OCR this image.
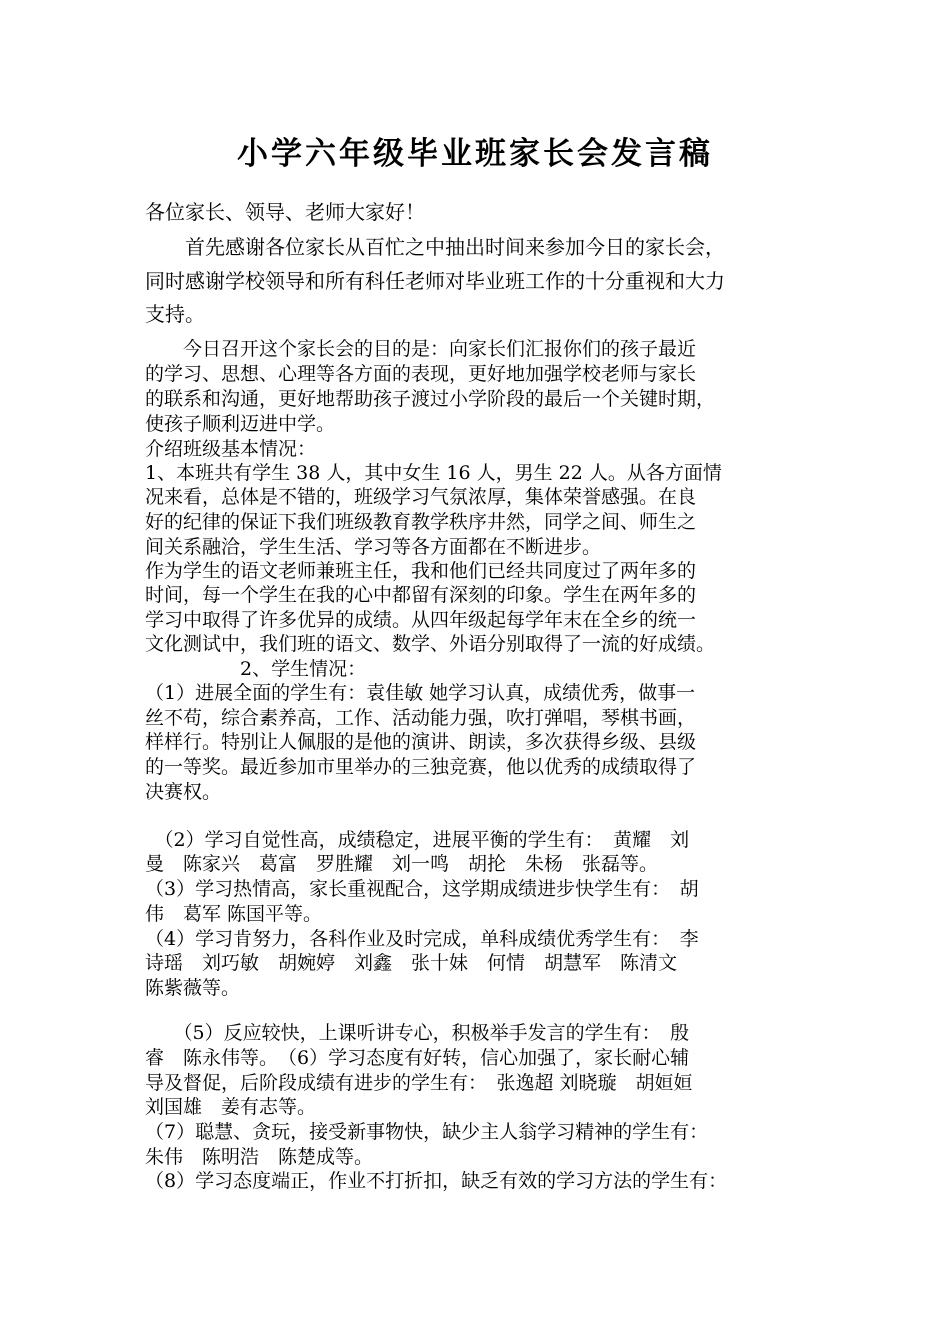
小学六年级毕业班家长会发言稿

各位家长、领导、老师大家好！

　　首先感谢各位家长从百忙之中抽出时间来参加今日的家长会，

同时感谢学校领导和所有科任老师对毕业班工作的十分重视和大力

支持。

　　今日召开这个家长会的目的是：向家长们汇报你们的孩子最近

的学习、思想、心理等各方面的表现，更好地加强学校老师与家长

的联系和沟通，更好地帮助孩子渡过小学阶段的最后一个关键时期，

使孩子顺利迈进中学。

介绍班级基本情况：

1、本班共有学生 38 人，其中女生 16 人，男生 22 人。从各方面情

况来看，总体是不错的，班级学习气氛浓厚，集体荣誉感强。在良

好的纪律的保证下我们班级教育教学秩序井然，同学之间、师生之

间关系融洽，学生生活、学习等各方面都在不断进步。

作为学生的语文老师兼班主任，我和他们已经共同度过了两年多的

时间，每一个学生在我的心中都留有深刻的印象。学生在两年多的

学习中取得了许多优异的成绩。从四年级起每学年末在全乡的统一

文化测试中，我们班的语文、数学、外语分别取得了一流的好成绩。

　　　　　2、学生情况：

（1）进展全面的学生有：袁佳敏 她学习认真，成绩优秀，做事一

丝不苟，综合素养高，工作、活动能力强，吹打弹唱，琴棋书画，

样样行。特别让人佩服的是他的演讲、朗读，多次获得乡级、县级

的一等奖。最近参加市里举办的三独竞赛，他以优秀的成绩取得了

决赛权。

　（2）学习自觉性高，成绩稳定，进展平衡的学生有：　黄耀　刘

曼　陈家兴　葛富　罗胜耀　刘一鸣　胡抡　朱杨　张磊等。

（3）学习热情高，家长重视配合，这学期成绩进步快学生有：　胡

伟　葛军 陈国平等。

（4）学习肯努力，各科作业及时完成，单科成绩优秀学生有：　李

诗瑶　刘巧敏　胡婉婷　刘鑫　张十妹　何情　胡慧军　陈清文

陈紫薇等。

　　（5）反应较快，上课听讲专心，积极举手发言的学生有：　殷

睿　陈永伟等。　（6）学习态度有好转，信心加强了，家长耐心辅

导及督促，后阶段成绩有进步的学生有：　张逸超 刘晓璇　胡姮姮

刘国雄　姜有志等。

（7）聪慧、贪玩，接受新事物快，缺少主人翁学习精神的学生有：

朱伟　陈明浩　陈楚成等。

（8）学习态度端正，作业不打折扣，缺乏有效的学习方法的学生有：
